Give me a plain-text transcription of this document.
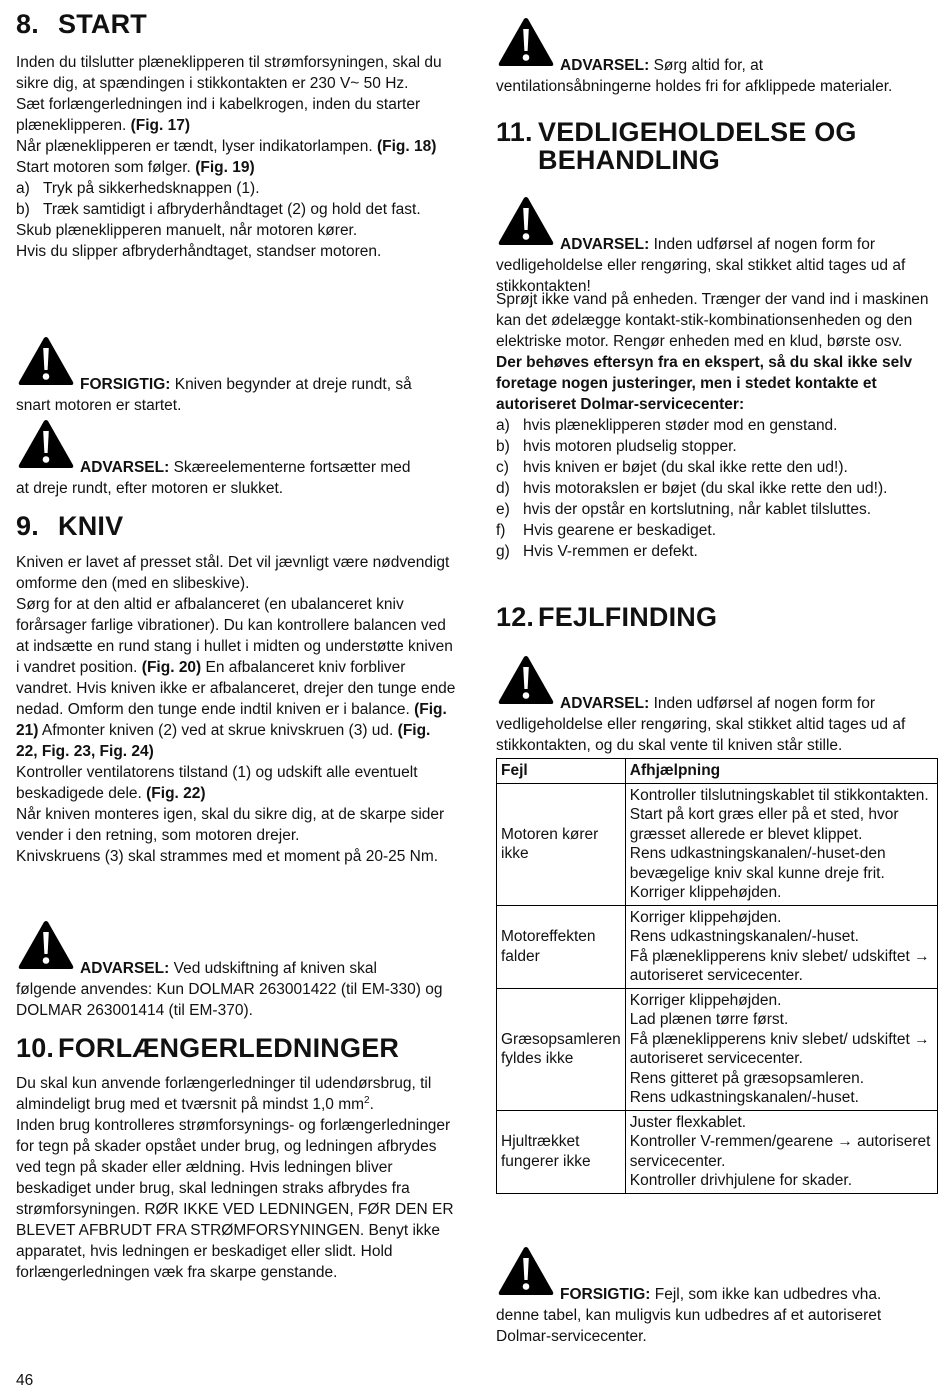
8. START

Inden du tilslutter plæneklipperen til strømforsyningen, skal du sikre dig, at spændingen i stikkontakten er 230 V~ 50 Hz.

Sæt forlængerledningen ind i kabelkrogen, inden du starter plæneklipperen. (Fig. 17)

Når plæneklipperen er tændt, lyser indikatorlampen. (Fig. 18)

Start motoren som følger. (Fig. 19)

a) Tryk på sikkerhedsknappen (1).

b) Træk samtidigt i afbryderhåndtaget (2) og hold det fast.

Skub plæneklipperen manuelt, når motoren kører.

Hvis du slipper afbryderhåndtaget, standser motoren.

FORSIGTIG: Kniven begynder at dreje rundt, så
snart motoren er startet.

ADVARSEL: Skæreelementerne fortsætter med
at dreje rundt, efter motoren er slukket.

9. KNIV

Kniven er lavet af presset stål. Det vil jævnligt være nødvendigt omforme den (med en slibeskive).

Sørg for at den altid er afbalanceret (en ubalanceret kniv forårsager farlige vibrationer). Du kan kontrollere balancen ved at indsætte en rund stang i hullet i midten og understøtte kniven i vandret position. (Fig. 20) En afbalanceret kniv forbliver vandret. Hvis kniven ikke er afbalanceret, drejer den tunge ende nedad. Omform den tunge ende indtil kniven er i balance. (Fig. 21) Afmonter kniven (2) ved at skrue knivskruen (3) ud. (Fig. 22, Fig. 23, Fig. 24)

Kontroller ventilatorens tilstand (1) og udskift alle eventuelt beskadigede dele. (Fig. 22)

Når kniven monteres igen, skal du sikre dig, at de skarpe sider vender i den retning, som motoren drejer.

Knivskruens (3) skal strammes med et moment på 20-25 Nm.

ADVARSEL: Ved udskiftning af kniven skal
følgende anvendes: Kun DOLMAR 263001422 (til EM-330) og DOLMAR 263001414 (til EM-370).

10. FORLÆNGERLEDNINGER

Du skal kun anvende forlængerledninger til udendørsbrug, til almindeligt brug med et tværsnit på mindst 1,0 $mm^2$.

Inden brug kontrolleres strømforsynings- og forlængerledninger for tegn på skader opstået under brug, og ledningen afbrydes ved tegn på skader eller ældning. Hvis ledningen bliver beskadiget under brug, skal ledningen straks afbrydes fra strømforsyningen. RØR IKKE VED LEDNINGEN, FØR DEN ER BLEVET AFBRUDT FRA STRØMFORSYNINGEN. Benyt ikke apparatet, hvis ledningen er beskadiget eller slidt. Hold forlængerledningen væk fra skarpe genstande.

ADVARSEL: Sørg altid for, at
ventilationsåbningerne holdes fri for afklippede materialer.

11. VEDLIGEHOLDELSE OG
BEHANDLING

ADVARSEL: Inden udførsel af nogen form for
vedligeholdelse eller rengøring, skal stikket altid tages ud af stikkontakten!

Sprøjt ikke vand på enheden. Trænger der vand ind i maskinen kan det ødelægge kontakt-stik-kombinationsenheden og den elektriske motor. Rengør enheden med en klud, børste osv.

Der behøves eftersyn fra en ekspert, så du skal ikke selv foretage nogen justeringer, men i stedet kontakte et autoriseret Dolmar-servicecenter:

a) hvis plæneklipperen støder mod en genstand.

b) hvis motoren pludselig stopper.

c) hvis kniven er bøjet (du skal ikke rette den ud!).

d) hvis motorakslen er bøjet (du skal ikke rette den ud!).

e) hvis der opstår en kortslutning, når kablet tilsluttes.

f) Hvis gearene er beskadiget.

g) Hvis V-remmen er defekt.

12. FEJLFINDING

ADVARSEL: Inden udførsel af nogen form for
vedligeholdelse eller rengøring, skal stikket altid tages ud af stikkontakten, og du skal vente til kniven står stille.

Fejl	Afhjælpning
Motoren kører ikke	Kontroller tilslutningskablet til stikkontakten.
Start på kort græs eller på et sted, hvor græsset allerede er blevet klippet.
Rens udkastningskanalen/-huset-den bevægelige kniv skal kunne dreje frit.
Korriger klippehøjden.
Motoreffekten falder	Korriger klippehøjden.
Rens udkastningskanalen/-huset.
Få plæneklipperens kniv slebet/ udskiftet → autoriseret servicecenter.
Græsopsamleren fyldes ikke	Korriger klippehøjden.
Lad plænen tørre først.
Få plæneklipperens kniv slebet/ udskiftet → autoriseret servicecenter.
Rens gitteret på græsopsamleren.
Rens udkastningskanalen/-huset.
Hjultrækket fungerer ikke	Juster flexkablet.
Kontroller V-remmen/gearene → autoriseret servicecenter.
Kontroller drivhjulene for skader.

FORSIGTIG: Fejl, som ikke kan udbedres vha.
denne tabel, kan muligvis kun udbedres af et autoriseret Dolmar-servicecenter.

46
